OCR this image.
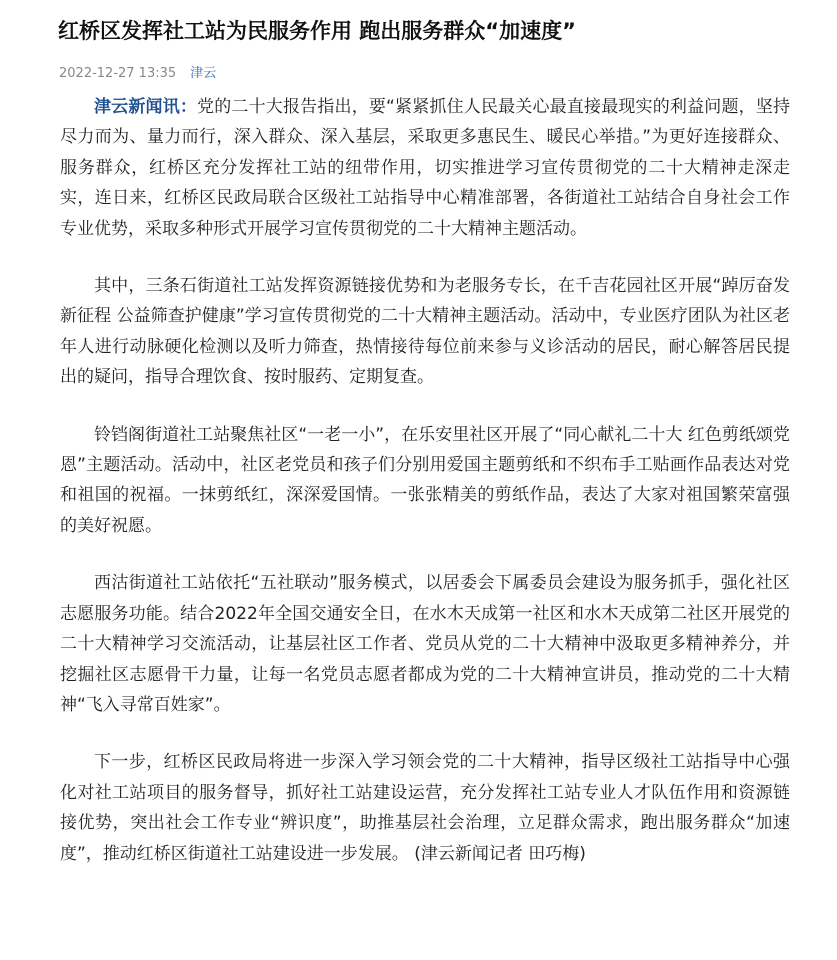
红桥区发挥社工站为民服务作用 跑出服务群众“加速度”
2022-12-27 13:35 津云

津云新闻讯：党的二十大报告指出，要“紧紧抓住人民最关心最直接最现实的利益问题，坚持尽力而为、量力而行，深入群众、深入基层，采取更多惠民生、暖民心举措。”为更好连接群众、服务群众，红桥区充分发挥社工站的纽带作用，切实推进学习宣传贯彻党的二十大精神走深走实，连日来，红桥区民政局联合区级社工站指导中心精准部署，各街道社工站结合自身社会工作专业优势，采取多种形式开展学习宣传贯彻党的二十大精神主题活动。

其中，三条石街道社工站发挥资源链接优势和为老服务专长，在千吉花园社区开展“踔厉奋发新征程 公益筛查护健康”学习宣传贯彻党的二十大精神主题活动。活动中，专业医疗团队为社区老年人进行动脉硬化检测以及听力筛查，热情接待每位前来参与义诊活动的居民，耐心解答居民提出的疑问，指导合理饮食、按时服药、定期复查。

铃铛阁街道社工站聚焦社区“一老一小”，在乐安里社区开展了“同心献礼二十大 红色剪纸颂党恩”主题活动。活动中，社区老党员和孩子们分别用爱国主题剪纸和不织布手工贴画作品表达对党和祖国的祝福。一抹剪纸红，深深爱国情。一张张精美的剪纸作品，表达了大家对祖国繁荣富强的美好祝愿。

西沽街道社工站依托“五社联动”服务模式，以居委会下属委员会建设为服务抓手，强化社区志愿服务功能。结合2022年全国交通安全日，在水木天成第一社区和水木天成第二社区开展党的二十大精神学习交流活动，让基层社区工作者、党员从党的二十大精神中汲取更多精神养分，并挖掘社区志愿骨干力量，让每一名党员志愿者都成为党的二十大精神宣讲员，推动党的二十大精神“飞入寻常百姓家”。

下一步，红桥区民政局将进一步深入学习领会党的二十大精神，指导区级社工站指导中心强化对社工站项目的服务督导，抓好社工站建设运营，充分发挥社工站专业人才队伍作用和资源链接优势，突出社会工作专业“辨识度”，助推基层社会治理，立足群众需求，跑出服务群众“加速度”，推动红桥区街道社工站建设进一步发展。 (津云新闻记者 田巧梅)
